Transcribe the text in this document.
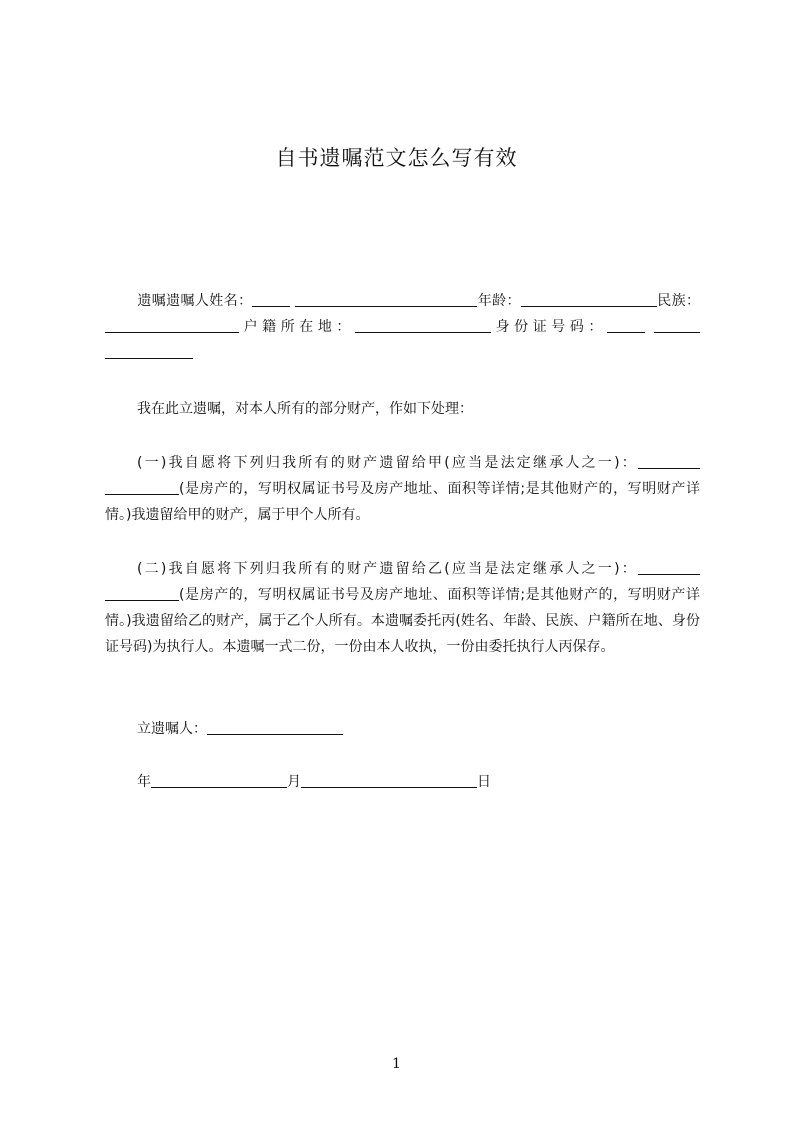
自书遗嘱范文怎么写有效
遗嘱遗嘱人姓名：	年龄：	民族：户籍所在地：	身份证号码：
我在此立遗嘱，对本人所有的部分财产，作如下处理：
(一)我自愿将下列归我所有的财产遗留给甲(应当是法定继承人之一)：(是房产的，写明权属证书号及房产地址、面积等详情;是其他财产的，写明财产详情。)我遗留给甲的财产，属于甲个人所有。
(二)我自愿将下列归我所有的财产遗留给乙(应当是法定继承人之一)：(是房产的，写明权属证书号及房产地址、面积等详情;是其他财产的，写明财产详情。)我遗留给乙的财产，属于乙个人所有。本遗嘱委托丙(姓名、年龄、民族、户籍所在地、身份证号码)为执行人。本遗嘱一式二份，一份由本人收执，一份由委托执行人丙保存。
立遗嘱人：
年	月	日
1
